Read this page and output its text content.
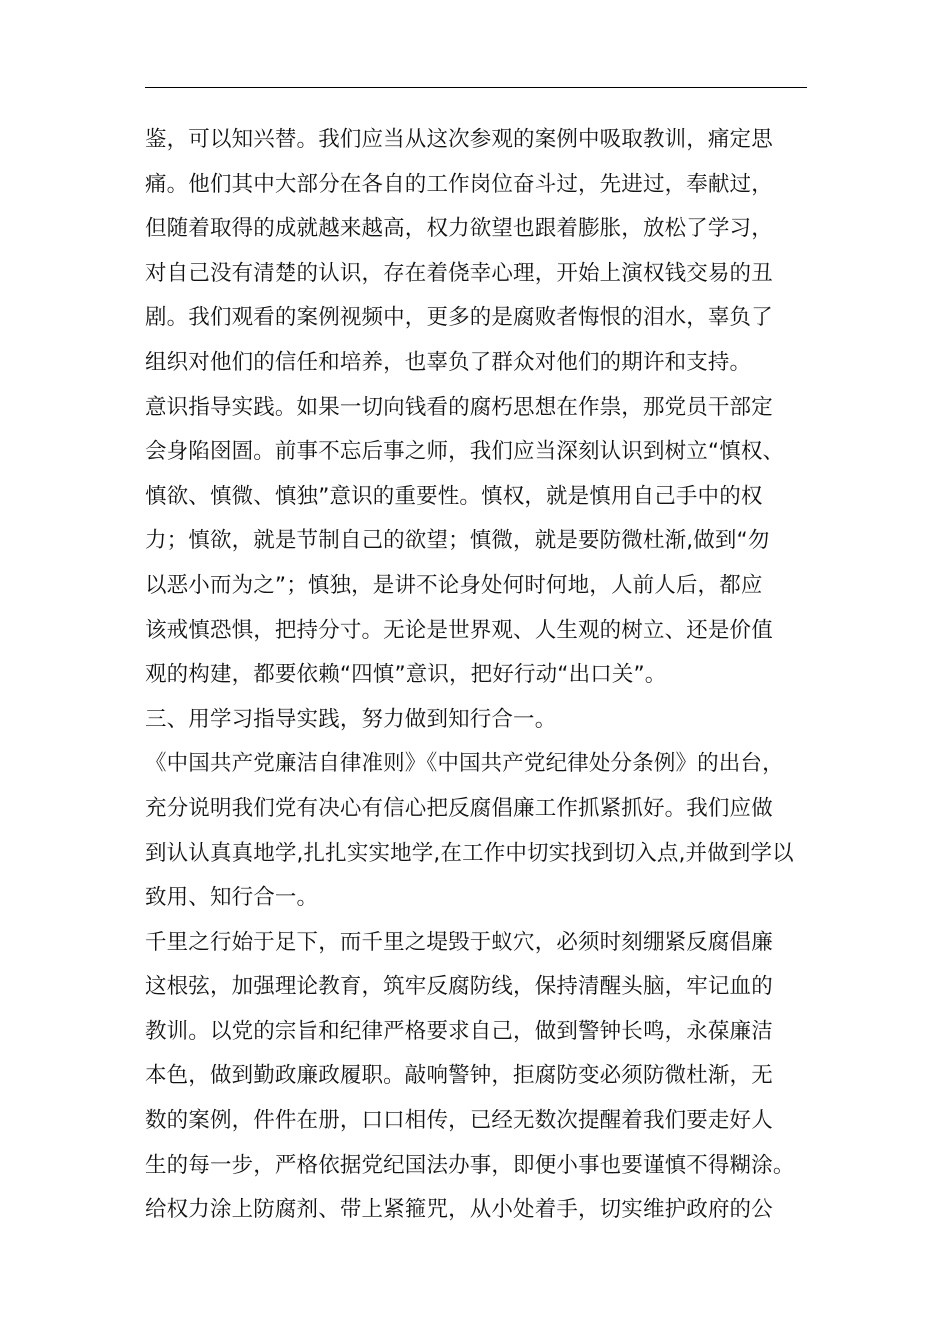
鉴，可以知兴替。我们应当从这次参观的案例中吸取教训，痛定思
痛。他们其中大部分在各自的工作岗位奋斗过，先进过，奉献过，
但随着取得的成就越来越高，权力欲望也跟着膨胀，放松了学习，
对自己没有清楚的认识，存在着侥幸心理，开始上演权钱交易的丑
剧。我们观看的案例视频中，更多的是腐败者悔恨的泪水，辜负了
组织对他们的信任和培养，也辜负了群众对他们的期许和支持。
意识指导实践。如果一切向钱看的腐朽思想在作祟，那党员干部定
会身陷囹圄。前事不忘后事之师，我们应当深刻认识到树立“慎权、
慎欲、慎微、慎独”意识的重要性。慎权，就是慎用自己手中的权
力；慎欲，就是节制自己的欲望；慎微，就是要防微杜渐,做到“勿
以恶小而为之”；慎独，是讲不论身处何时何地，人前人后，都应
该戒慎恐惧，把持分寸。无论是世界观、人生观的树立、还是价值
观的构建，都要依赖“四慎”意识，把好行动“出口关”。
三、用学习指导实践，努力做到知行合一。
《中国共产党廉洁自律准则》《中国共产党纪律处分条例》的出台，
充分说明我们党有决心有信心把反腐倡廉工作抓紧抓好。我们应做
到认认真真地学,扎扎实实地学,在工作中切实找到切入点,并做到学以
致用、知行合一。
千里之行始于足下，而千里之堤毁于蚁穴，必须时刻绷紧反腐倡廉
这根弦，加强理论教育，筑牢反腐防线，保持清醒头脑，牢记血的
教训。以党的宗旨和纪律严格要求自己，做到警钟长鸣，永葆廉洁
本色，做到勤政廉政履职。敲响警钟，拒腐防变必须防微杜渐，无
数的案例，件件在册，口口相传，已经无数次提醒着我们要走好人
生的每一步，严格依据党纪国法办事，即便小事也要谨慎不得糊涂。
给权力涂上防腐剂、带上紧箍咒，从小处着手，切实维护政府的公
